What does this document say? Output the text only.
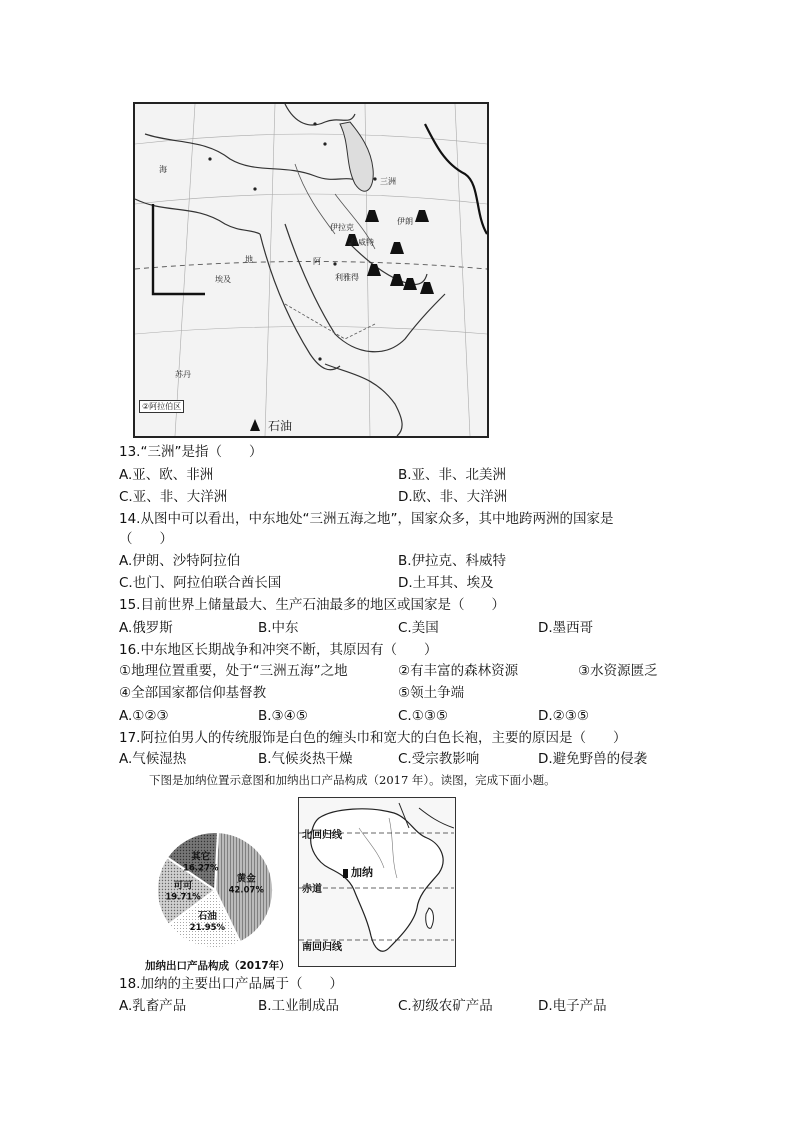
三洲
伊朗
阿
伊拉克
科威特
利雅得
海
埃及
苏丹
地
②阿拉伯区
石油
13.“三洲”是指（　　）
A.亚、欧、非洲	B.亚、非、北美洲
C.亚、非、大洋洲	D.欧、非、大洋洲
14.从图中可以看出，中东地处“三洲五海之地”，国家众多，其中地跨两洲的国家是
（　　）
A.伊朗、沙特阿拉伯	B.伊拉克、科威特
C.也门、阿拉伯联合酋长国	D.土耳其、埃及
15.目前世界上储量最大、生产石油最多的地区或国家是（　　）
A.俄罗斯	B.中东	C.美国	D.墨西哥
16.中东地区长期战争和冲突不断，其原因有（　　）
①地理位置重要，处于“三洲五海”之地	②有丰富的森林资源	③水资源匮乏
④全部国家都信仰基督教	⑤领土争端
A.①②③	B.③④⑤	C.①③⑤	D.②③⑤
17.阿拉伯男人的传统服饰是白色的缠头巾和宽大的白色长袍，主要的原因是（　　）
A.气候湿热	B.气候炎热干燥	C.受宗教影响	D.避免野兽的侵袭
下图是加纳位置示意图和加纳出口产品构成（2017 年）。读图，完成下面小题。
黄金
42.07%
石油
21.95%
可可
19.71%
其它
16.27%
加纳出口产品构成（2017年）
北回归线
赤道
南回归线
加纳
18.加纳的主要出口产品属于（　　）
A.乳畜产品	B.工业制成品	C.初级农矿产品	D.电子产品
